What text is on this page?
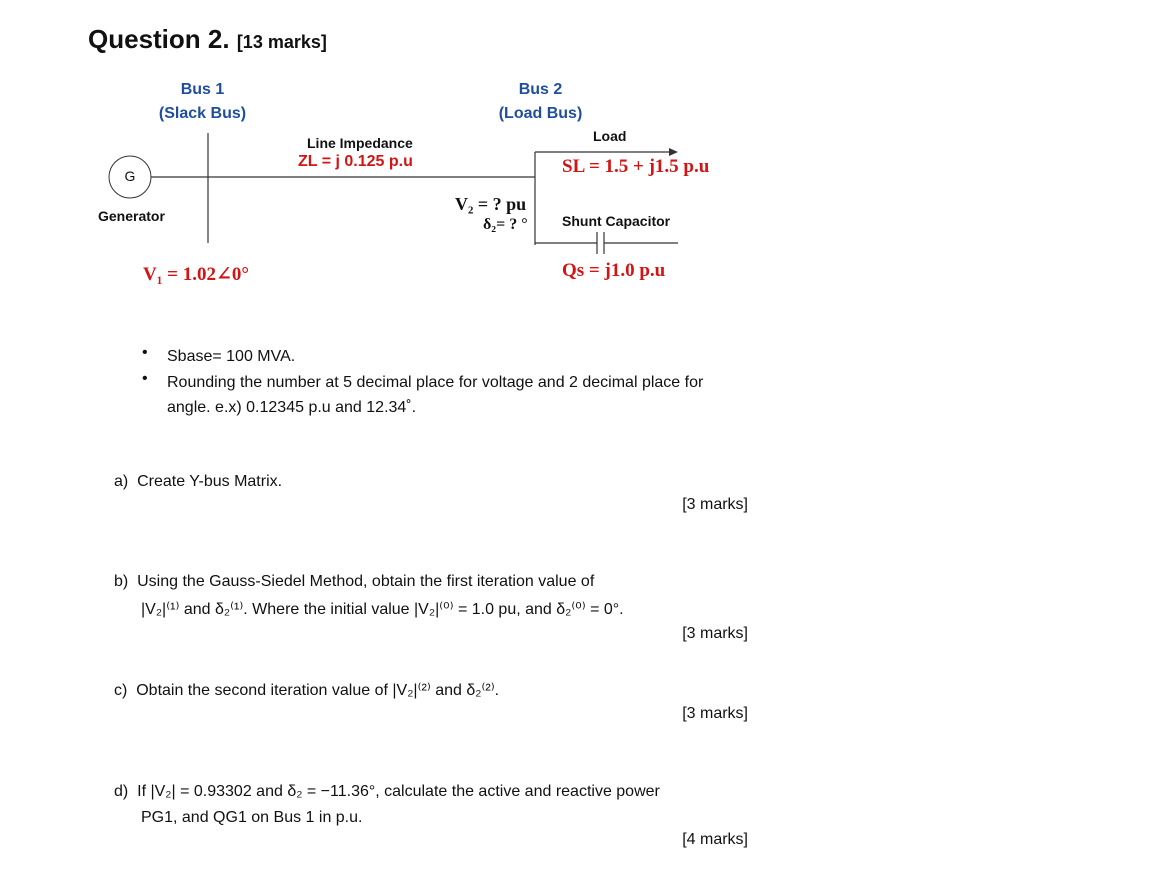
Question 2. [13 marks]
Bus 1
(Slack Bus)
Bus 2
(Load Bus)
G
Generator
Line Impedance
ZL = j 0.125 p.u
V₁ = 1.02∠0°
V₂ = ? pu
δ₂= ? °
Load
SL = 1.5 + j1.5 p.u
Shunt Capacitor
Qs = j1.0 p.u
• Sbase= 100 MVA.
• Rounding the number at 5 decimal place for voltage and 2 decimal place for
angle. e.x) 0.12345 p.u and 12.34˚.
a) Create Y-bus Matrix.
[3 marks]
b) Using the Gauss-Siedel Method, obtain the first iteration value of
|V₂|⁽¹⁾ and δ₂⁽¹⁾. Where the initial value |V₂|⁽⁰⁾ = 1.0 pu, and δ₂⁽⁰⁾ = 0°.
[3 marks]
c) Obtain the second iteration value of |V₂|⁽²⁾ and δ₂⁽²⁾.
[3 marks]
d) If |V₂| = 0.93302 and δ₂ = −11.36°, calculate the active and reactive power
PG1, and QG1 on Bus 1 in p.u.
[4 marks]
